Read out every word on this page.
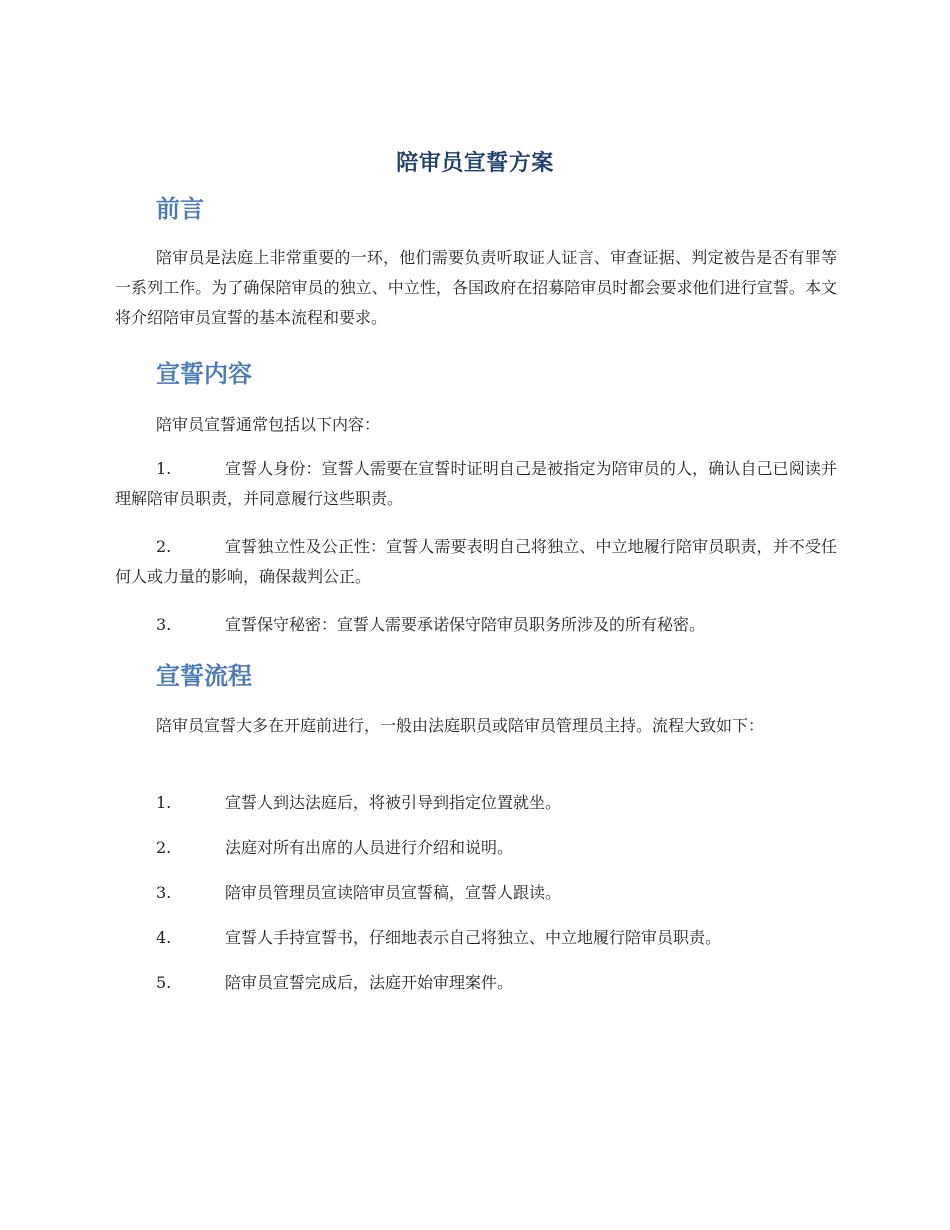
陪审员宣誓方案
前言

陪审员是法庭上非常重要的一环，他们需要负责听取证人证言、审查证据、判定被告是否有罪等一系列工作。为了确保陪审员的独立、中立性，各国政府在招募陪审员时都会要求他们进行宣誓。本文将介绍陪审员宣誓的基本流程和要求。

宣誓内容

陪审员宣誓通常包括以下内容：

1.	宣誓人身份：宣誓人需要在宣誓时证明自己是被指定为陪审员的人，确认自己已阅读并理解陪审员职责，并同意履行这些职责。
2.	宣誓独立性及公正性：宣誓人需要表明自己将独立、中立地履行陪审员职责，并不受任何人或力量的影响，确保裁判公正。
3.	宣誓保守秘密：宣誓人需要承诺保守陪审员职务所涉及的所有秘密。
宣誓流程

陪审员宣誓大多在开庭前进行，一般由法庭职员或陪审员管理员主持。流程大致如下：

1.	宣誓人到达法庭后，将被引导到指定位置就坐。
2.	法庭对所有出席的人员进行介绍和说明。
3.	陪审员管理员宣读陪审员宣誓稿，宣誓人跟读。
4.	宣誓人手持宣誓书，仔细地表示自己将独立、中立地履行陪审员职责。
5.	陪审员宣誓完成后，法庭开始审理案件。
